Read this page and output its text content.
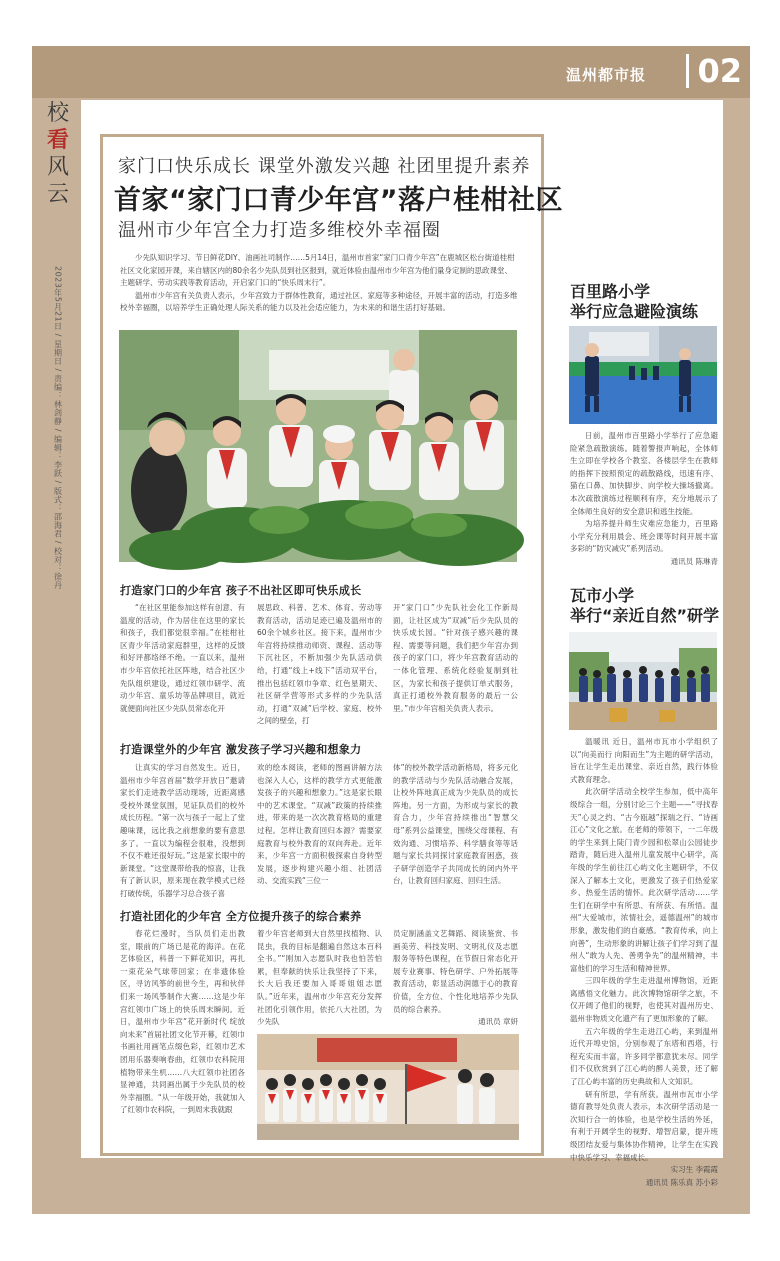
温州都市报	02
校
看
风
云
2023年5月21日 / 星期日 / 责编：林剑静 / 编辑：李跃 / 版式：邵海君 / 校对：徐丹
家门口快乐成长 课堂外激发兴趣 社团里提升素养
首家“家门口青少年宫”落户桂柑社区
温州市少年宫全力打造多维校外幸福圈

少先队知识学习、节日鲜花DIY、油画社司制作……5月14日，温州市首家“家门口青少年宫”在鹿城区松台街道桂柑社区文化家园开课，来自辖区内的80余名少先队员到社区报到，就近体验由温州市少年宫为他们量身定制的思政课堂、主题研学、劳动实践等教育活动，开启家门口的“快乐周末行”。

温州市少年宫有关负责人表示，少年宫致力于群体性教育，通过社区、家庭等多种途径，开展丰富的活动，打造多维校外幸福圈，以培养学生正确处理人际关系的能力以及社会适应能力，为未来的和谐生活打好基础。

打造家门口的少年宫 孩子不出社区即可快乐成长

“在社区里能参加这样有创意、有温度的活动，作为居住在这里的家长和孩子，我们都觉很幸福。”在桂柑社区青少年活动家庭群里，这样的反馈和好评都络绎不绝。一直以来，温州市少年宫依托社区阵地，结合社区少先队组织建设，通过红领巾研学、流动少年宫、童乐坊等品牌项目，就近就便面向社区少先队员常态化开

展思政、科普、艺术、体育、劳动等教育活动，活动足迹已遍及温州市的60余个城乡社区。接下来，温州市少年宫将持续推动师资、课程、活动等下沉社区，不断加强少先队活动供给，打通“线上+线下”活动双平台，推出包括红领巾争章、红色星期天、社区研学营等形式多样的少先队活动，打通“双减”后学校、家庭、校外之间的壁垒，打

开“家门口”少先队社会化工作新局面，让社区成为“双减”后少先队员的快乐成长园。“针对孩子感兴趣的课程、需要等问题，我们把少年宫办到孩子的家门口，将少年宫教育活动的一体化管理、系统化经验复制到社区，为家长和孩子提供订单式服务，真正打通校外教育服务的最后一公里。”市少年宫相关负责人表示。

打造课堂外的少年宫 激发孩子学习兴趣和想象力

让真实的学习自然发生。近日，温州市少年宫首届“数学开放日”邀请家长们走进教学活动现场，近距离感受校外课堂氛围，见证队员们的校外成长历程。“第一次与孩子一起上了堂趣味课，远比我之前想象的要有意思多了。一直以为编程会很难，没想到不仅不难还很好玩。”这是家长眼中的新课堂。“这堂课带给我的惊喜，让我有了新认识，原来现在教学模式已经打破传统，乐器学习总合孩子喜

欢的绘本阅读，老师的图画讲解方法也深入人心，这样的教学方式更能激发孩子的兴趣和想象力。”这是家长眼中的艺术课堂。“双减”政策的持续推进，带来的是一次次教育格局的重建过程。怎样让教育回归本源？需要家庭教育与校外教育的双向奔赴。近年来，少年宫一方面积极探索自身转型发展，逐步构建兴趣小组、社团活动、交流实践“三位一

体”的校外教学活动新格局，将多元化的教学活动与少先队活动融合发展，让校外阵地真正成为少先队员的成长阵地。另一方面，为形成与家长的教育合力，少年宫持续推出“智慧父母”系列公益课堂，围绕父母课程、有效沟通、习惯培养、科学膳食等等话题与家长共同探讨家庭教育困惑，孩子研学创造学子共同成长的闭内外平台，让教育回归家庭、回归生活。

打造社团化的少年宫 全方位提升孩子的综合素养

春花烂漫时，当队员们走出教室，眼前的广场已是花的海洋。在花艺体验区，科普一下鲜花知识，再扎一束花朵气球带回家；在非遗体验区，寻访风筝的前世今生，再和伙伴们来一场风筝制作大赛……这是少年宫红领巾广场上的快乐周末瞬间。近日，温州市少年宫“花开新时代 绽放向未来”首届社团文化节开幕，红领巾书画社用画笔点缀色彩，红领巾艺术团用乐器奏响春曲，红领巾农科院用植物带来生机……八大红领巾社团各显神通，共同画出属于少先队员的校外幸福圈。“从一年级开始，我就加入了红领巾农科院，一到周末我就跟

着少年宫老师到大自然里找植物、认昆虫，我的目标是翻遍自然这本百科全书。”“刚加入志愿队时我也怕苦怕累，但奉献的快乐让我坚持了下来，长大后我还要加入哥哥姐姐志愿队。”近年来，温州市少年宫充分发挥社团化引领作用，依托八大社团，为少先队

员定制涵盖文艺舞蹈、阅读鉴赏、书画美劳、科技发明、文明礼仪及志愿服务等特色课程，在节假日常态化开展专业赛事、特色研学、户外拓展等教育活动，彰显活动润德于心的教育价值，全方位、个性化地培养少先队员的综合素养。

通讯员 章妍
百里路小学
举行应急避险演练

日前，温州市百里路小学举行了应急避险紧急疏散演练。随着警报声响起，全体师生立即在学校各个教室、各楼层学生在教师的指挥下按照预定的疏散路线，迅速有序、猫在口鼻、加快脚步、向学校大操场撤离。本次疏散演练过程顺利有序，充分地展示了全体师生良好的安全意识和逃生技能。

为培养提升师生灾难应急能力，百里路小学充分利用晨会、班会课等时间开展丰富多彩的“防灾减灾”系列活动。

通讯员 陈琳青
瓦市小学
举行“亲近自然”研学

温暖讯 近日，温州市瓦市小学组织了以“向美而行 向阳而生”为主题的研学活动，旨在让学生走出课堂、亲近自然，践行体验式教育理念。

此次研学活动全校学生参加，低中高年级综合一组，分别讨论三个主题——“寻找春天”心灵之约、“古今瓯越”探瑞之行、“诗画江心”文化之旅。在老师的带领下，一二年级的学生来到上陡门青少园和松翠山公园徒步踏青，随后进入温州儿童发展中心研学，高年级的学生前往江心屿文化主题研学，不仅深入了解本土文化，更激发了孩子们热爱家乡、热爱生活的情怀。此次研学活动……学生们在研学中有所思、有所获、有所悟。温州“大爱城市，浓情社会，遥德温州”的城市形象，激发他们的自豪感。“教育传承，向上向善”，生动形象的讲解让孩子们学习到了温州人“敢为人先、善勇争先”的温州精神，丰富他们的学习生活和精神世界。

三四年级的学生走进温州博物馆，近距离感悟文化魅力。此次博物馆研学之旅，不仅开阔了他们的视野，也使其对温州历史、温州非物质文化遗产有了更加形象的了解。

五六年级的学生走进江心屿，来到温州近代开埠史馆，分别参观了东塔和西塔，行程充实而丰富，许多同学都意犹未尽。同学们不仅欣赏到了江心屿的醉人美景，还了解了江心屿丰富的历史典故和人文知识。

研有所思，学有所获。温州市瓦市小学德育教导处负责人表示，本次研学活动是一次知行合一的体验，也是学校生活的外延，有利于开阔学生的视野、增智启蒙，提升班级团结友爱与集体协作精神，让学生在实践中快乐学习、幸福成长。

实习生 李霞霞
通讯员 陈乐真 苏小彩
